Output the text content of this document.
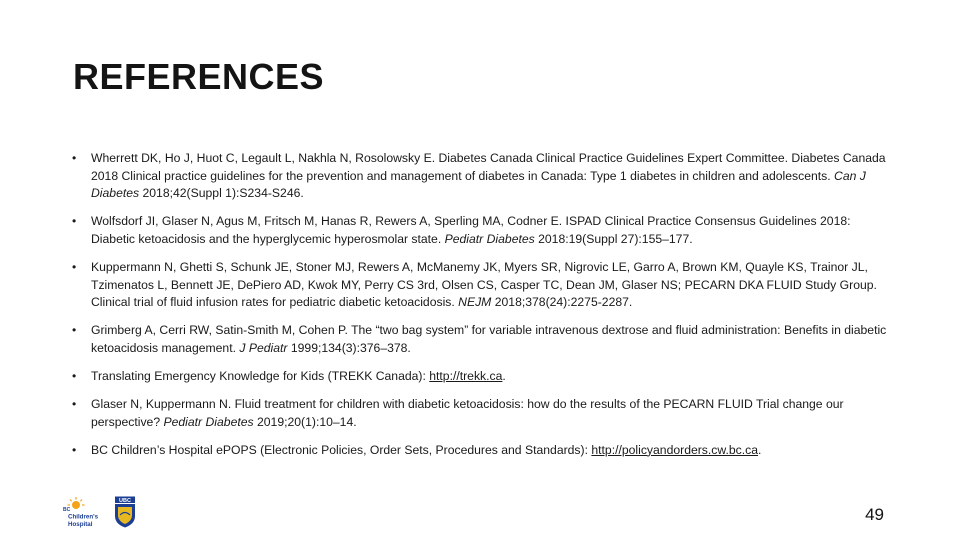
REFERENCES
• Wherrett DK, Ho J, Huot C, Legault L, Nakhla N, Rosolowsky E. Diabetes Canada Clinical Practice Guidelines Expert Committee. Diabetes Canada 2018 Clinical practice guidelines for the prevention and management of diabetes in Canada: Type 1 diabetes in children and adolescents. Can J Diabetes 2018;42(Suppl 1):S234-S246.
• Wolfsdorf JI, Glaser N, Agus M, Fritsch M, Hanas R, Rewers A, Sperling MA, Codner E. ISPAD Clinical Practice Consensus Guidelines 2018: Diabetic ketoacidosis and the hyperglycemic hyperosmolar state. Pediatr Diabetes 2018:19(Suppl 27):155–177.
• Kuppermann N, Ghetti S, Schunk JE, Stoner MJ, Rewers A, McManemy JK, Myers SR, Nigrovic LE, Garro A, Brown KM, Quayle KS, Trainor JL, Tzimenatos L, Bennett JE, DePiero AD, Kwok MY, Perry CS 3rd, Olsen CS, Casper TC, Dean JM, Glaser NS; PECARN DKA FLUID Study Group. Clinical trial of fluid infusion rates for pediatric diabetic ketoacidosis. NEJM 2018;378(24):2275-2287.
• Grimberg A, Cerri RW, Satin-Smith M, Cohen P. The “two bag system” for variable intravenous dextrose and fluid administration: Benefits in diabetic ketoacidosis management. J Pediatr 1999;134(3):376–378.
• Translating Emergency Knowledge for Kids (TREKK Canada): http://trekk.ca.
• Glaser N, Kuppermann N. Fluid treatment for children with diabetic ketoacidosis: how do the results of the PECARN FLUID Trial change our perspective? Pediatr Diabetes 2019;20(1):10–14.
• BC Children’s Hospital ePOPS (Electronic Policies, Order Sets, Procedures and Standards): http://policyandorders.cw.bc.ca.
BC
Children's
Hospital
UBC
49
